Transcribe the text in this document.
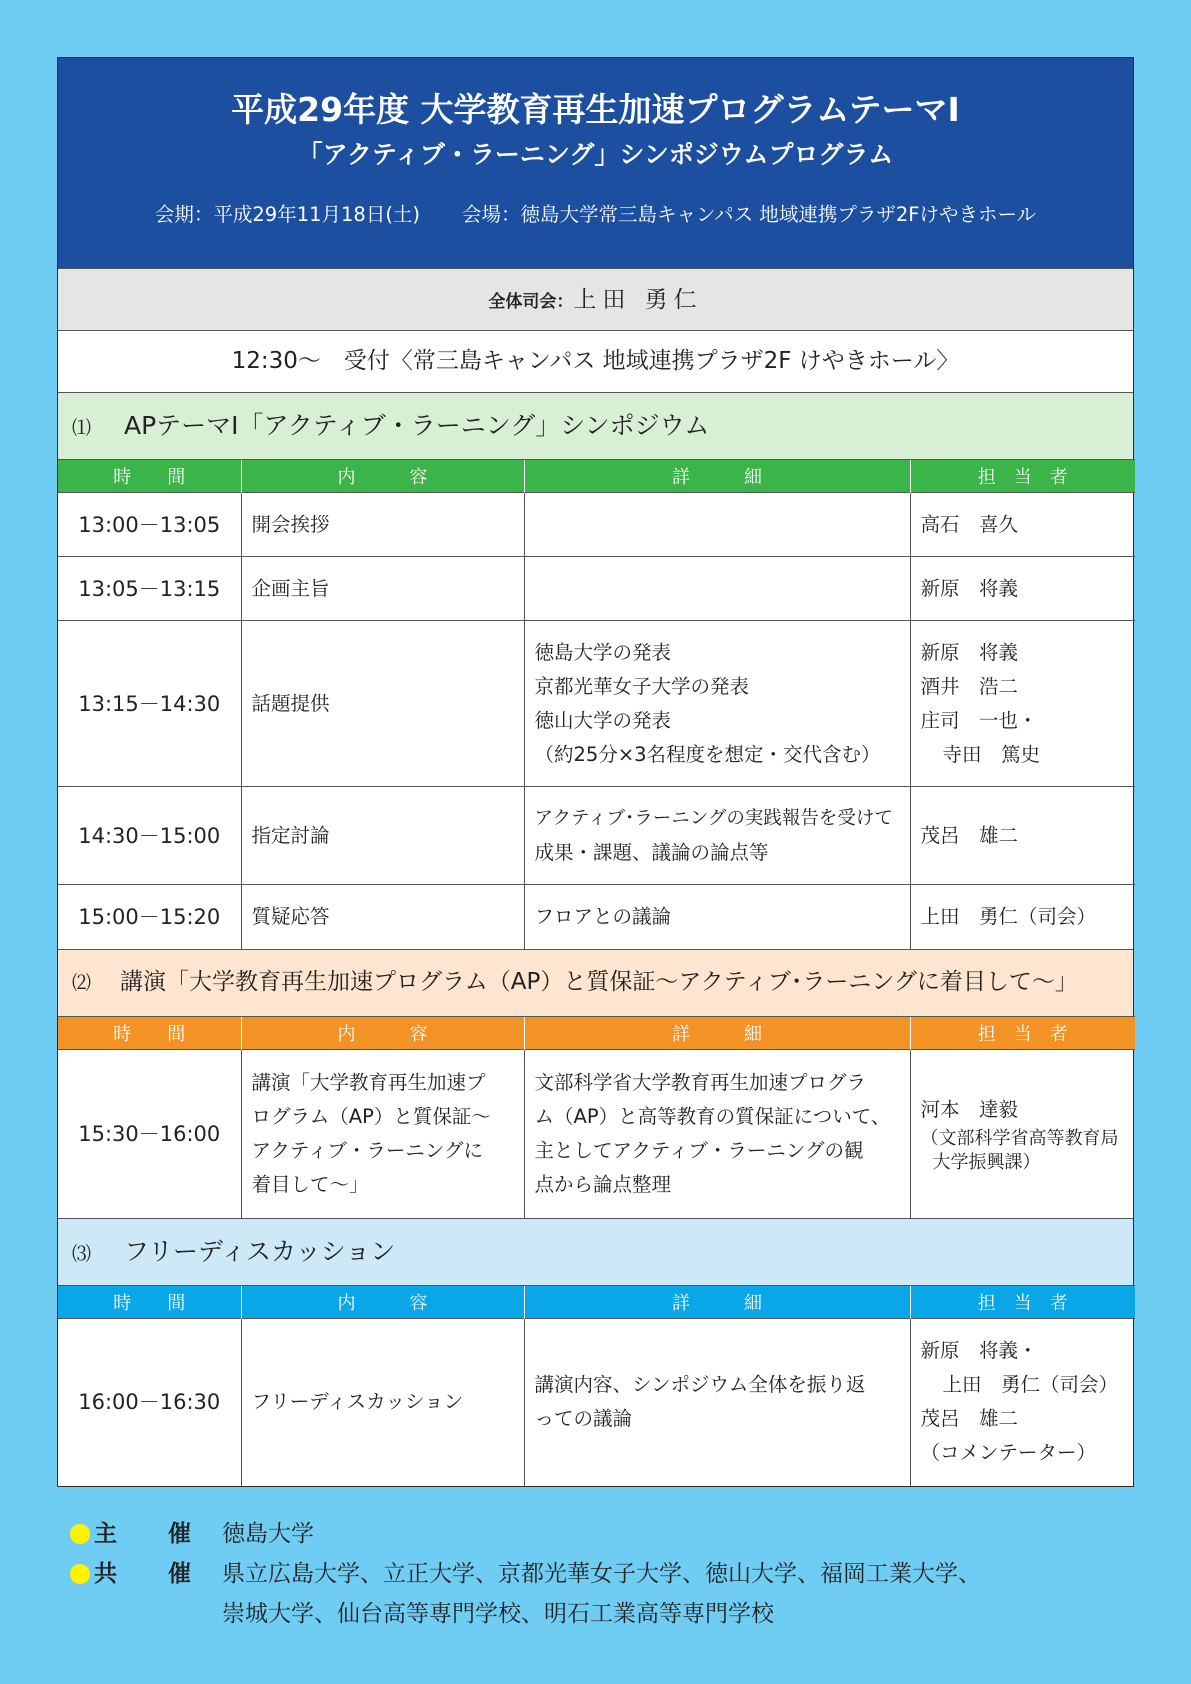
平成29年度 大学教育再生加速プログラムテーマⅠ
「アクティブ・ラーニング」シンポジウムプログラム
会期：平成29年11月18日(土) 会場：徳島大学常三島キャンパス 地域連携プラザ2Fけやきホール
全体司会：上田 勇仁
12:30～　受付〈常三島キャンパス 地域連携プラザ2F けやきホール〉
⑴ APテーマⅠ「アクティブ・ラーニング」シンポジウム
時　　間	内　　　容	詳　　　細	担　当　者
13:00－13:05	開会挨拶		高石　喜久
13:05－13:15	企画主旨		新原　将義
13:15－14:30	話題提供	徳島大学の発表
京都光華女子大学の発表
徳山大学の発表
（約25分×3名程度を想定・交代含む）	新原　将義
酒井　浩二
庄司　一也・
寺田　篤史

14:30－15:00	指定討論	アクティブ･ラーニングの実践報告を受けて
成果・課題、議論の論点等	茂呂　雄二
15:00－15:20	質疑応答	フロアとの議論	上田　勇仁（司会）
⑵ 講演「大学教育再生加速プログラム（AP）と質保証～アクティブ･ラーニングに着目して～」
時　　間	内　　　容	詳　　　細	担　当　者
15:30－16:00	講演「大学教育再生加速プ
ログラム（AP）と質保証～
アクティブ・ラーニングに
着目して～」	文部科学省大学教育再生加速プログラ
ム（AP）と高等教育の質保証について、
主としてアクティブ・ラーニングの観
点から論点整理	河本　達毅
（文部科学省高等教育局
大学振興課）
⑶ フリーディスカッション
時　　間	内　　　容	詳　　　細	担　当　者
16:00－16:30	フリーディスカッション	講演内容、シンポジウム全体を振り返
っての議論	新原　将義・
上田　勇仁（司会）
茂呂　雄二
（コメンテーター）
主　催 徳島大学
共　催 県立広島大学、立正大学、京都光華女子大学、徳山大学、福岡工業大学、
崇城大学、仙台高等専門学校、明石工業高等専門学校
